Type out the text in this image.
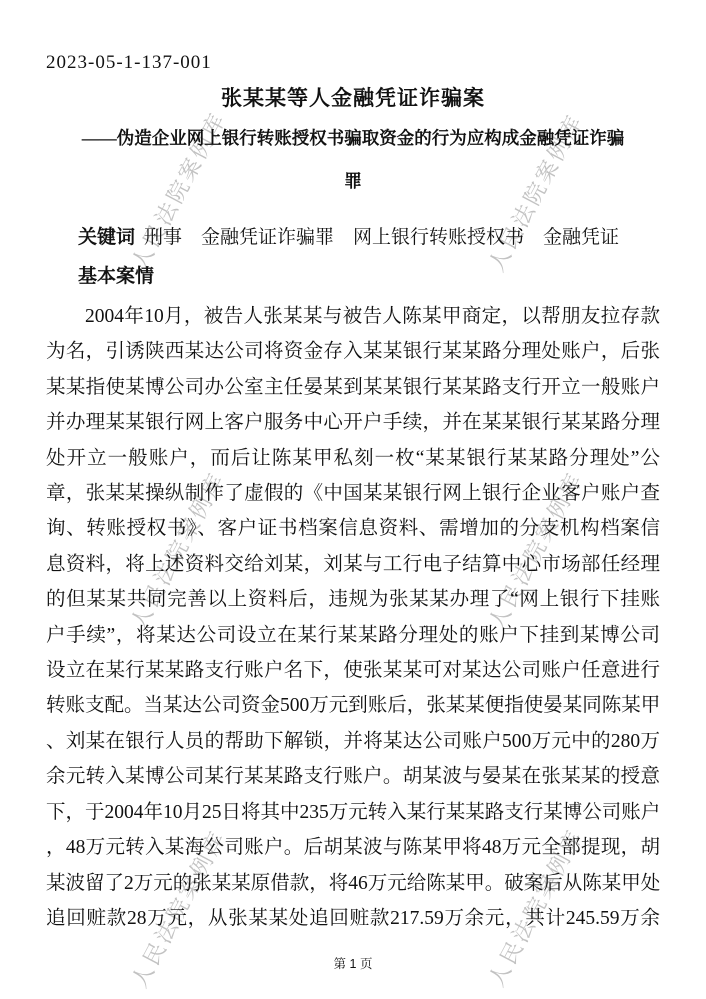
人民法院案例库	人民法院案例库
人民法院案例库	人民法院案例库
人民法院案例库	人民法院案例库
2023-05-1-137-001
张某某等人金融凭证诈骗案
——伪造企业网上银行转账授权书骗取资金的行为应构成金融凭证诈骗
罪
关键词 刑事　金融凭证诈骗罪　网上银行转账授权书　金融凭证
基本案情
2004年10月，被告人张某某与被告人陈某甲商定，以帮朋友拉存款
为名，引诱陕西某达公司将资金存入某某银行某某路分理处账户，后张
某某指使某博公司办公室主任晏某到某某银行某某路支行开立一般账户
并办理某某银行网上客户服务中心开户手续，并在某某银行某某路分理
处开立一般账户，而后让陈某甲私刻一枚“某某银行某某路分理处”公
章，张某某操纵制作了虚假的《中国某某银行网上银行企业客户账户查
询、转账授权书》、客户证书档案信息资料、需增加的分支机构档案信
息资料，将上述资料交给刘某，刘某与工行电子结算中心市场部任经理
的但某某共同完善以上资料后，违规为张某某办理了“网上银行下挂账
户手续”，将某达公司设立在某行某某路分理处的账户下挂到某博公司
设立在某行某某路支行账户名下，使张某某可对某达公司账户任意进行
转账支配。当某达公司资金500万元到账后，张某某便指使晏某同陈某甲
、刘某在银行人员的帮助下解锁，并将某达公司账户500万元中的280万
余元转入某博公司某行某某路支行账户。胡某波与晏某在张某某的授意
下，于2004年10月25日将其中235万元转入某行某某路支行某博公司账户
，48万元转入某海公司账户。后胡某波与陈某甲将48万元全部提现，胡
某波留了2万元的张某某原借款，将46万元给陈某甲。破案后从陈某甲处
追回赃款28万元，从张某某处追回赃款217.59万余元，共计245.59万余
第 1 页
